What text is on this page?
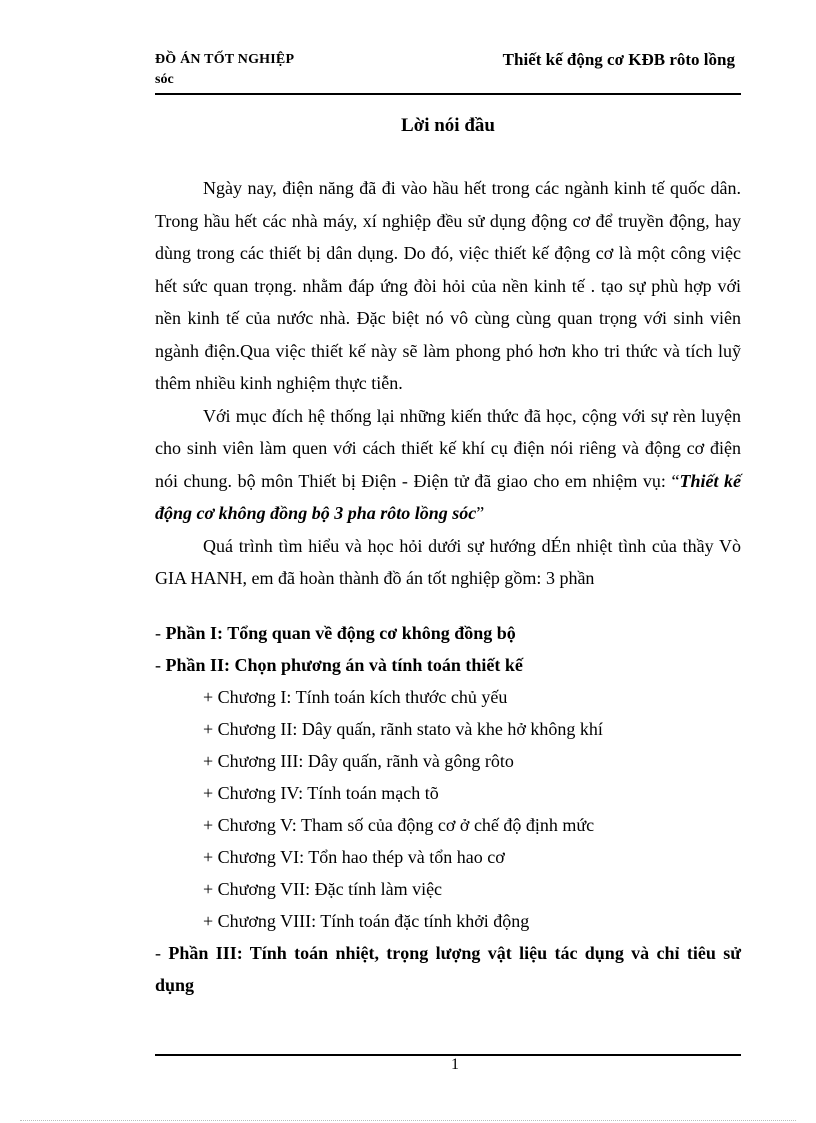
ĐỒ ÁN TỐT NGHIỆP
sóc
Thiết kế động cơ KĐB rôto lồng
Lời nói đầu

Ngày nay, điện năng đã đi vào hầu hết trong các ngành kinh tế quốc dân. Trong hầu hết các nhà máy, xí nghiệp đều sử dụng động cơ để truyền động, hay dùng trong các thiết bị dân dụng. Do đó, việc thiết kế động cơ là một công việc hết sức quan trọng. nhằm đáp ứng đòi hỏi của nền kinh tế . tạo sự phù hợp với nền kinh tế của nước nhà. Đặc biệt nó vô cùng cùng quan trọng với sinh viên ngành điện.Qua việc thiết kế này sẽ làm phong phó hơn kho tri thức và tích luỹ thêm nhiều kinh nghiệm thực tiễn.

Với mục đích hệ thống lại những kiến thức đã học, cộng với sự rèn luyện cho sinh viên làm quen với cách thiết kế khí cụ điện nói riêng và động cơ điện nói chung. bộ môn Thiết bị Điện - Điện tử đã giao cho em nhiệm vụ: “Thiết kế động cơ không đồng bộ 3 pha rôto lồng sóc”

Quá trình tìm hiểu và học hỏi dưới sự hướng dÉn nhiệt tình của thầy Vò GIA HANH, em đã hoàn thành đồ án tốt nghiệp gồm: 3 phần

- Phần I: Tổng quan về động cơ không đồng bộ

- Phần II: Chọn phương án và tính toán thiết kế

+ Chương I: Tính toán kích thước chủ yếu

+ Chương II: Dây quấn, rãnh stato và khe hở không khí

+ Chương III: Dây quấn, rãnh và gông rôto

+ Chương IV: Tính toán mạch tõ

+ Chương V: Tham số của động cơ ở chế độ định mức

+ Chương VI: Tổn hao thép và tổn hao cơ

+ Chương VII: Đặc tính làm việc

+ Chương VIII: Tính toán đặc tính khởi động

- Phần III: Tính toán nhiệt, trọng lượng vật liệu tác dụng và chỉ tiêu sử dụng

1
